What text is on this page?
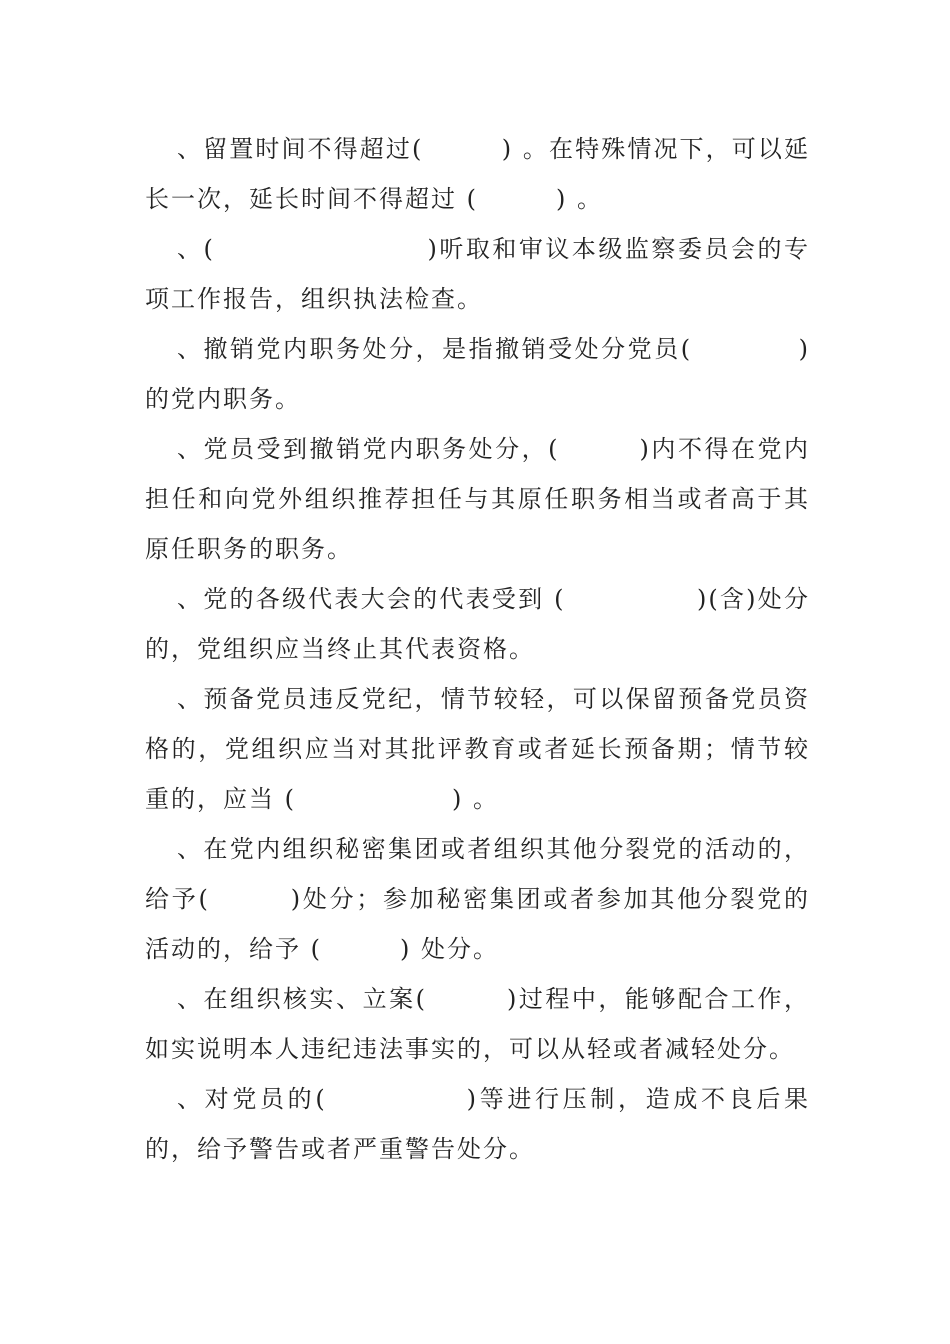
、留置时间不得超过(　　　) 。在特殊情况下，可以延长一次，延长时间不得超过 (　　　) 。

、(　　　　　　　　)听取和审议本级监察委员会的专项工作报告，组织执法检查。

、撤销党内职务处分，是指撤销受处分党员(　　　　)的党内职务。

、党员受到撤销党内职务处分，(　　　)内不得在党内担任和向党外组织推荐担任与其原任职务相当或者高于其原任职务的职务。

、党的各级代表大会的代表受到 (　　　　　)(含)处分的，党组织应当终止其代表资格。

、预备党员违反党纪，情节较轻，可以保留预备党员资格的，党组织应当对其批评教育或者延长预备期；情节较重的，应当 (　　　　　　) 。

、在党内组织秘密集团或者组织其他分裂党的活动的，给予(　　　)处分；参加秘密集团或者参加其他分裂党的活动的，给予 (　　　) 处分。

、在组织核实、立案(　　　)过程中，能够配合工作，如实说明本人违纪违法事实的，可以从轻或者减轻处分。

、对党员的(　　　　　)等进行压制，造成不良后果的，给予警告或者严重警告处分。
